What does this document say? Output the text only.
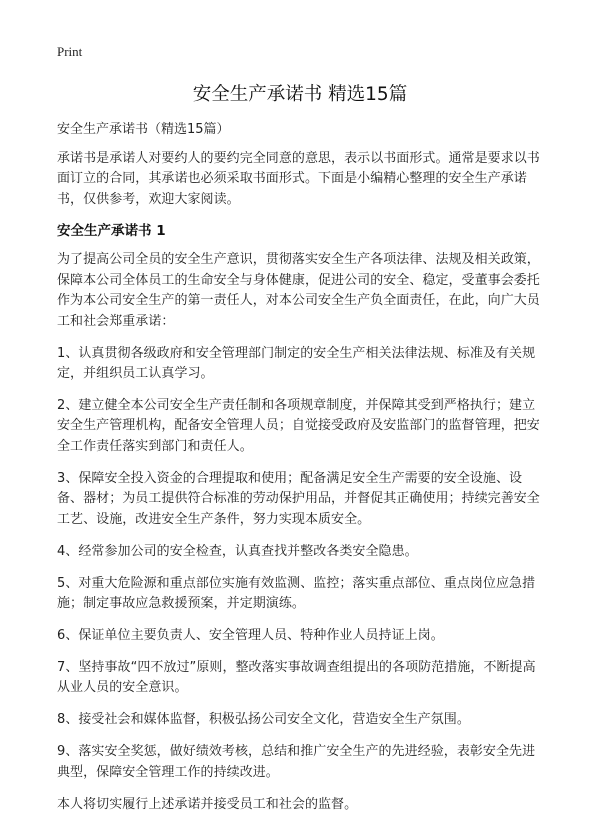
Print
安全生产承诺书 精选15篇

安全生产承诺书（精选15篇）

承诺书是承诺人对要约人的要约完全同意的意思，表示以书面形式。通常是要求以书面订立的合同，其承诺也必须采取书面形式。下面是小编精心整理的安全生产承诺书，仅供参考，欢迎大家阅读。

安全生产承诺书 1

为了提高公司全员的安全生产意识，贯彻落实安全生产各项法律、法规及相关政策，保障本公司全体员工的生命安全与身体健康，促进公司的安全、稳定，受董事会委托作为本公司安全生产的第一责任人，对本公司安全生产负全面责任，在此，向广大员工和社会郑重承诺：

1、认真贯彻各级政府和安全管理部门制定的安全生产相关法律法规、标准及有关规定，并组织员工认真学习。

2、建立健全本公司安全生产责任制和各项规章制度，并保障其受到严格执行；建立安全生产管理机构，配备安全管理人员；自觉接受政府及安监部门的监督管理，把安全工作责任落实到部门和责任人。

3、保障安全投入资金的合理提取和使用；配备满足安全生产需要的安全设施、设备、器材；为员工提供符合标准的劳动保护用品，并督促其正确使用；持续完善安全工艺、设施，改进安全生产条件，努力实现本质安全。

4、经常参加公司的安全检查，认真查找并整改各类安全隐患。

5、对重大危险源和重点部位实施有效监测、监控；落实重点部位、重点岗位应急措施；制定事故应急救援预案，并定期演练。

6、保证单位主要负责人、安全管理人员、特种作业人员持证上岗。

7、坚持事故“四不放过”原则，整改落实事故调查组提出的各项防范措施，不断提高从业人员的安全意识。

8、接受社会和媒体监督，积极弘扬公司安全文化，营造安全生产氛围。

9、落实安全奖惩，做好绩效考核，总结和推广安全生产的先进经验，表彰安全先进典型，保障安全管理工作的持续改进。

本人将切实履行上述承诺并接受员工和社会的监督。
